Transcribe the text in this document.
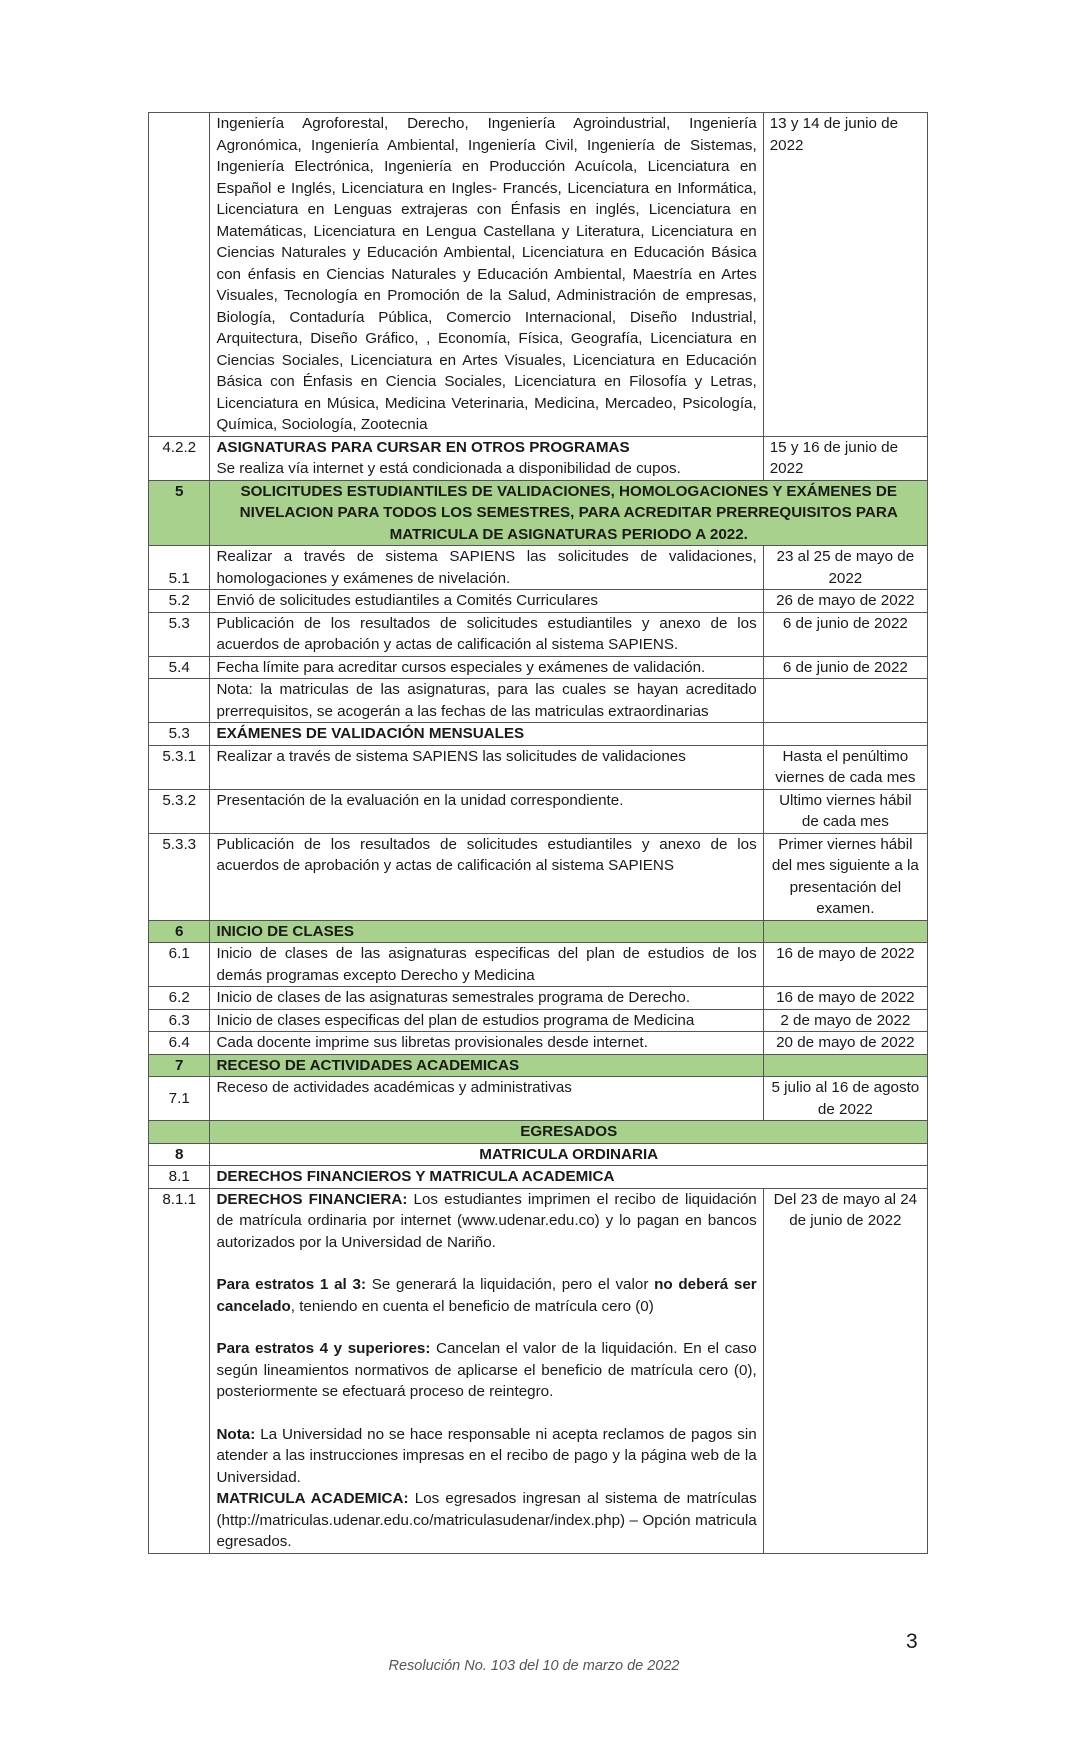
	Ingeniería Agroforestal, Derecho, Ingeniería Agroindustrial, Ingeniería Agronómica, Ingeniería Ambiental, Ingeniería Civil, Ingeniería de Sistemas, Ingeniería Electrónica, Ingeniería en Producción Acuícola, Licenciatura en Español e Inglés, Licenciatura en Ingles- Francés, Licenciatura en Informática, Licenciatura en Lenguas extrajeras con Énfasis en inglés, Licenciatura en Matemáticas, Licenciatura en Lengua Castellana y Literatura, Licenciatura en Ciencias Naturales y Educación Ambiental, Licenciatura en Educación Básica con énfasis en Ciencias Naturales y Educación Ambiental, Maestría en Artes Visuales, Tecnología en Promoción de la Salud, Administración de empresas, Biología, Contaduría Pública, Comercio Internacional, Diseño Industrial, Arquitectura, Diseño Gráfico, , Economía, Física, Geografía, Licenciatura en Ciencias Sociales, Licenciatura en Artes Visuales, Licenciatura en Educación Básica con Énfasis en Ciencia Sociales, Licenciatura en Filosofía y Letras, Licenciatura en Música, Medicina Veterinaria, Medicina, Mercadeo, Psicología, Química, Sociología, Zootecnia	13 y 14 de junio de 2022
4.2.2	ASIGNATURAS PARA CURSAR EN OTROS PROGRAMAS
Se realiza vía internet y está condicionada a disponibilidad de cupos.	15 y 16 de junio de 2022
5	SOLICITUDES ESTUDIANTILES DE VALIDACIONES, HOMOLOGACIONES Y EXÁMENES DE NIVELACION PARA TODOS LOS SEMESTRES, PARA ACREDITAR PRERREQUISITOS PARA MATRICULA DE ASIGNATURAS PERIODO A 2022.	
5.1	Realizar a través de sistema SAPIENS las solicitudes de validaciones, homologaciones y exámenes de nivelación.	23 al 25 de mayo de 2022
5.2	Envió de solicitudes estudiantiles a Comités Curriculares	26 de mayo de 2022
5.3	Publicación de los resultados de solicitudes estudiantiles y anexo de los acuerdos de aprobación y actas de calificación al sistema SAPIENS.	6 de junio de 2022
5.4	Fecha límite para acreditar cursos especiales y exámenes de validación.	6 de junio de 2022
	Nota: la matriculas de las asignaturas, para las cuales se hayan acreditado prerrequisitos, se acogerán a las fechas de las matriculas extraordinarias	
5.3	EXÁMENES DE VALIDACIÓN MENSUALES	
5.3.1	Realizar a través de sistema SAPIENS las solicitudes de validaciones	Hasta el penúltimo viernes de cada mes
5.3.2	Presentación de la evaluación en la unidad correspondiente.	Ultimo viernes hábil de cada mes
5.3.3	Publicación de los resultados de solicitudes estudiantiles y anexo de los acuerdos de aprobación y actas de calificación al sistema SAPIENS	Primer viernes hábil del mes siguiente a la presentación del examen.
6	INICIO DE CLASES	
6.1	Inicio de clases de las asignaturas especificas del plan de estudios de los demás programas excepto Derecho y Medicina	16 de mayo de 2022
6.2	Inicio de clases de las asignaturas semestrales programa de Derecho.	16 de mayo de 2022
6.3	Inicio de clases especificas del plan de estudios programa de Medicina	2 de mayo de 2022
6.4	Cada docente imprime sus libretas provisionales desde internet.	20 de mayo de 2022
7	RECESO DE ACTIVIDADES ACADEMICAS	
7.1	Receso de actividades académicas y administrativas	5 julio al 16 de agosto de 2022
	EGRESADOS	
8	MATRICULA ORDINARIA	
8.1	DERECHOS FINANCIEROS Y MATRICULA ACADEMICA	
8.1.1	DERECHOS FINANCIERA: Los estudiantes imprimen el recibo de liquidación de matrícula ordinaria por internet (www.udenar.edu.co) y lo pagan en bancos autorizados por la Universidad de Nariño.

Para estratos 1 al 3: Se generará la liquidación, pero el valor no deberá ser cancelado, teniendo en cuenta el beneficio de matrícula cero (0)

Para estratos 4 y superiores: Cancelan el valor de la liquidación. En el caso según lineamientos normativos de aplicarse el beneficio de matrícula cero (0), posteriormente se efectuará proceso de reintegro.

Nota: La Universidad no se hace responsable ni acepta reclamos de pagos sin atender a las instrucciones impresas en el recibo de pago y la página web de la Universidad.

MATRICULA ACADEMICA: Los egresados ingresan al sistema de matrículas (http://matriculas.udenar.edu.co/matriculasudenar/index.php) – Opción matricula egresados.	Del 23 de mayo al 24 de junio de 2022
3
Resolución No. 103 del 10 de marzo de 2022
